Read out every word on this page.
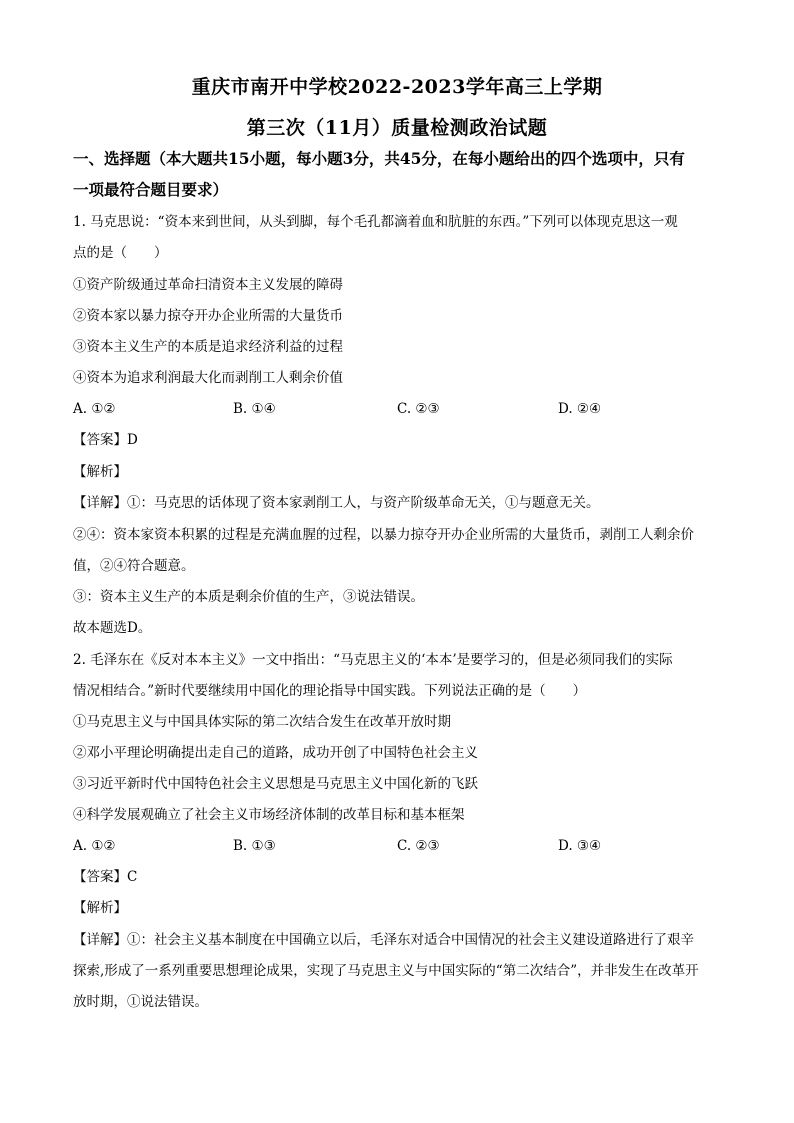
重庆市南开中学校2022-2023学年高三上学期
第三次（11月）质量检测政治试题
一、选择题（本大题共15小题，每小题3分，共45分，在每小题给出的四个选项中，只有
一项最符合题目要求）
1. 马克思说：“资本来到世间，从头到脚，每个毛孔都滴着血和肮脏的东西。”下列可以体现克思这一观
点的是（　　）
①资产阶级通过革命扫清资本主义发展的障碍
②资本家以暴力掠夺开办企业所需的大量货币
③资本主义生产的本质是追求经济利益的过程
④资本为追求利润最大化而剥削工人剩余价值
A. ①②	B. ①④	C. ②③	D. ②④
【答案】D
【解析】
【详解】①：马克思的话体现了资本家剥削工人，与资产阶级革命无关，①与题意无关。
②④：资本家资本积累的过程是充满血腥的过程，以暴力掠夺开办企业所需的大量货币，剥削工人剩余价
值，②④符合题意。
③：资本主义生产的本质是剩余价值的生产，③说法错误。
故本题选D。
2. 毛泽东在《反对本本主义》一文中指出：“马克思主义的‘本本’是要学习的，但是必须同我们的实际
情况相结合。”新时代要继续用中国化的理论指导中国实践。下列说法正确的是（　　）
①马克思主义与中国具体实际的第二次结合发生在改革开放时期
②邓小平理论明确提出走自己的道路，成功开创了中国特色社会主义
③习近平新时代中国特色社会主义思想是马克思主义中国化新的飞跃
④科学发展观确立了社会主义市场经济体制的改革目标和基本框架
A. ①②	B. ①③	C. ②③	D. ③④
【答案】C
【解析】
【详解】①：社会主义基本制度在中国确立以后，毛泽东对适合中国情况的社会主义建设道路进行了艰辛
探索,形成了一系列重要思想理论成果，实现了马克思主义与中国实际的“第二次结合”，并非发生在改革开
放时期，①说法错误。
